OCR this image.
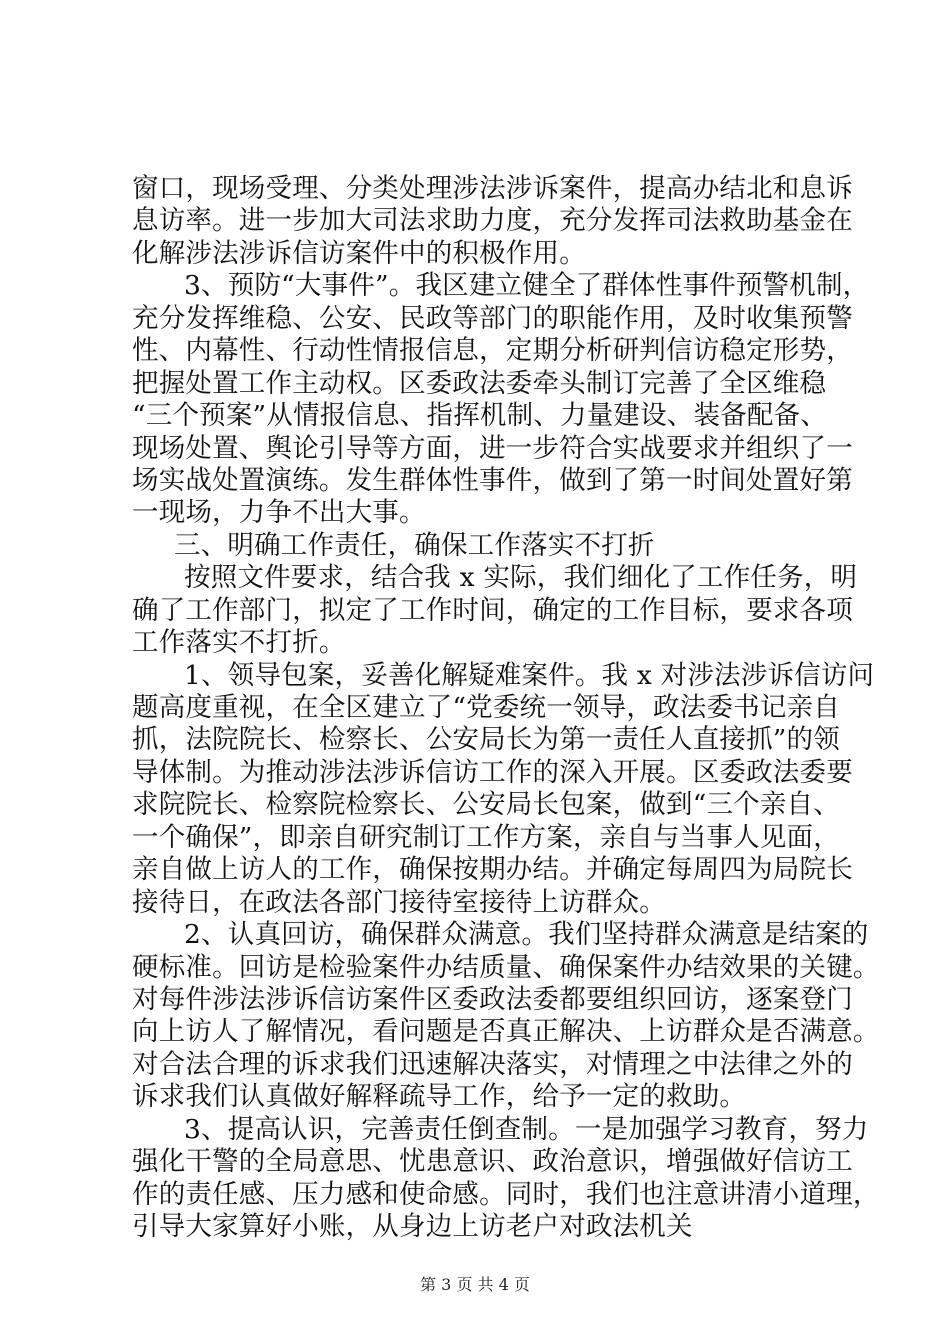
窗口，现场受理、分类处理涉法涉诉案件，提高办结北和息诉
息访率。进一步加大司法求助力度，充分发挥司法救助基金在
化解涉法涉诉信访案件中的积极作用。
3、预防“大事件”。我区建立健全了群体性事件预警机制，
充分发挥维稳、公安、民政等部门的职能作用，及时收集预警
性、内幕性、行动性情报信息，定期分析研判信访稳定形势，
把握处置工作主动权。区委政法委牵头制订完善了全区维稳
“三个预案”从情报信息、指挥机制、力量建设、装备配备、
现场处置、舆论引导等方面，进一步符合实战要求并组织了一
场实战处置演练。发生群体性事件，做到了第一时间处置好第
一现场，力争不出大事。
三、明确工作责任，确保工作落实不打折
按照文件要求，结合我 x 实际，我们细化了工作任务，明
确了工作部门，拟定了工作时间，确定的工作目标，要求各项
工作落实不打折。
1、领导包案，妥善化解疑难案件。我 x 对涉法涉诉信访问
题高度重视，在全区建立了“党委统一领导，政法委书记亲自
抓，法院院长、检察长、公安局长为第一责任人直接抓”的领
导体制。为推动涉法涉诉信访工作的深入开展。区委政法委要
求院院长、检察院检察长、公安局长包案，做到“三个亲自、
一个确保”，即亲自研究制订工作方案，亲自与当事人见面，
亲自做上访人的工作，确保按期办结。并确定每周四为局院长
接待日，在政法各部门接待室接待上访群众。
2、认真回访，确保群众满意。我们坚持群众满意是结案的
硬标准。回访是检验案件办结质量、确保案件办结效果的关键。
对每件涉法涉诉信访案件区委政法委都要组织回访，逐案登门
向上访人了解情况，看问题是否真正解决、上访群众是否满意。
对合法合理的诉求我们迅速解决落实，对情理之中法律之外的
诉求我们认真做好解释疏导工作，给予一定的救助。
3、提高认识，完善责任倒查制。一是加强学习教育，努力
强化干警的全局意思、忧患意识、政治意识，增强做好信访工
作的责任感、压力感和使命感。同时，我们也注意讲清小道理，
引导大家算好小账，从身边上访老户对政法机关
第 3 页 共 4 页
